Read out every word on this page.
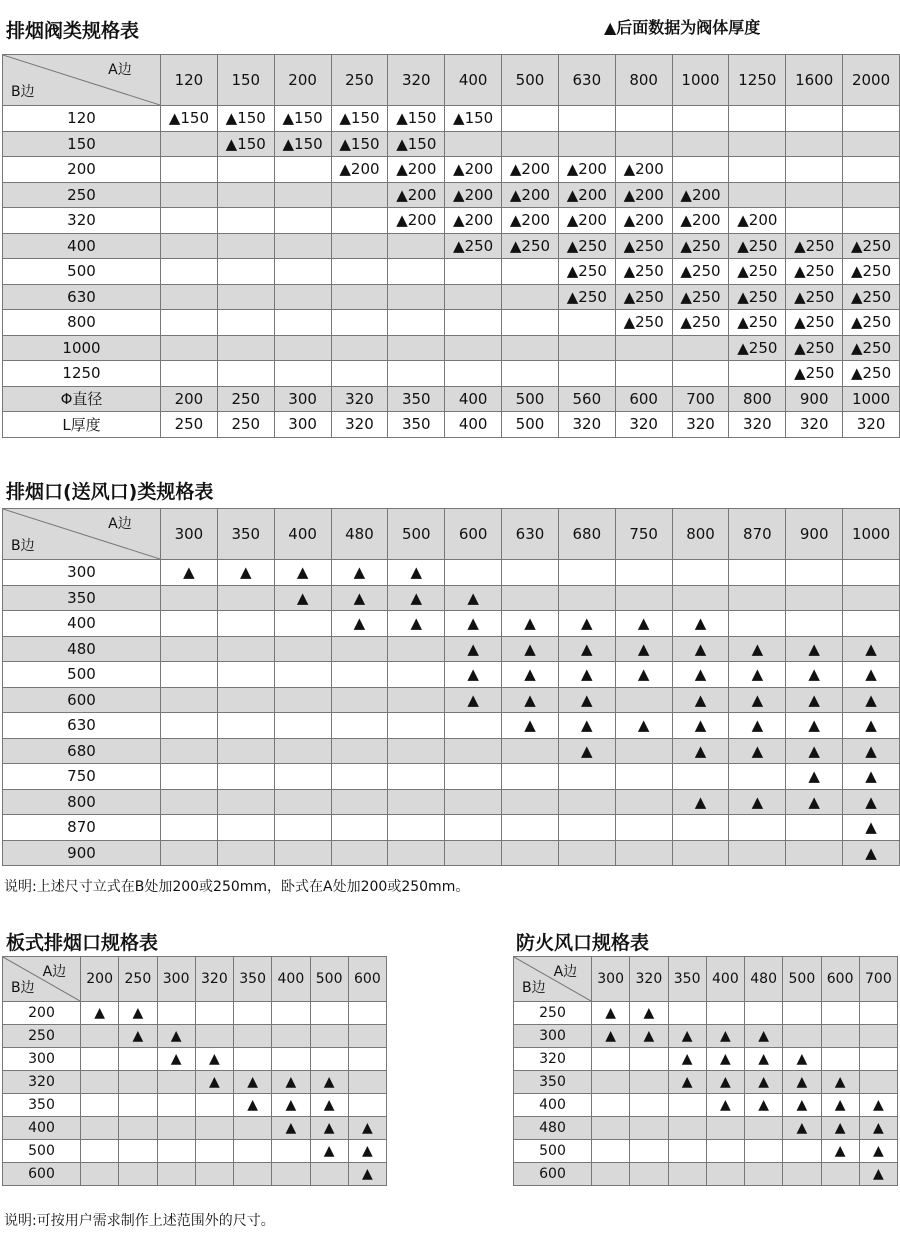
排烟阀类规格表	▲后面数据为阀体厚度
A边
B边	120	150	200	250	320	400	500	630	800	1000	1250	1600	2000
120	▲150	▲150	▲150	▲150	▲150	▲150							
150		▲150	▲150	▲150	▲150								
200				▲200	▲200	▲200	▲200	▲200	▲200				
250					▲200	▲200	▲200	▲200	▲200	▲200			
320					▲200	▲200	▲200	▲200	▲200	▲200	▲200		
400						▲250	▲250	▲250	▲250	▲250	▲250	▲250	▲250
500								▲250	▲250	▲250	▲250	▲250	▲250
630								▲250	▲250	▲250	▲250	▲250	▲250
800									▲250	▲250	▲250	▲250	▲250
1000											▲250	▲250	▲250
1250												▲250	▲250
Φ直径	200	250	300	320	350	400	500	560	600	700	800	900	1000
L厚度	250	250	300	320	350	400	500	320	320	320	320	320	320
排烟口(送风口)类规格表
A边
B边	300	350	400	480	500	600	630	680	750	800	870	900	1000
300	▲	▲	▲	▲	▲								
350			▲	▲	▲	▲							
400				▲	▲	▲	▲	▲	▲	▲			
480						▲	▲	▲	▲	▲	▲	▲	▲
500						▲	▲	▲	▲	▲	▲	▲	▲
600						▲	▲	▲		▲	▲	▲	▲
630							▲	▲	▲	▲	▲	▲	▲
680								▲		▲	▲	▲	▲
750												▲	▲
800										▲	▲	▲	▲
870													▲
900													▲
说明:上述尺寸立式在B处加200或250mm，卧式在A处加200或250mm。
板式排烟口规格表
A边
B边	200	250	300	320	350	400	500	600
200	▲	▲						
250		▲	▲					
300			▲	▲				
320				▲	▲	▲	▲	
350					▲	▲	▲	
400						▲	▲	▲
500							▲	▲
600								▲
防火风口规格表
A边
B边	300	320	350	400	480	500	600	700
250	▲	▲						
300	▲	▲	▲	▲	▲			
320			▲	▲	▲	▲		
350			▲	▲	▲	▲	▲	
400				▲	▲	▲	▲	▲
480						▲	▲	▲
500							▲	▲
600								▲
说明:可按用户需求制作上述范围外的尺寸。
